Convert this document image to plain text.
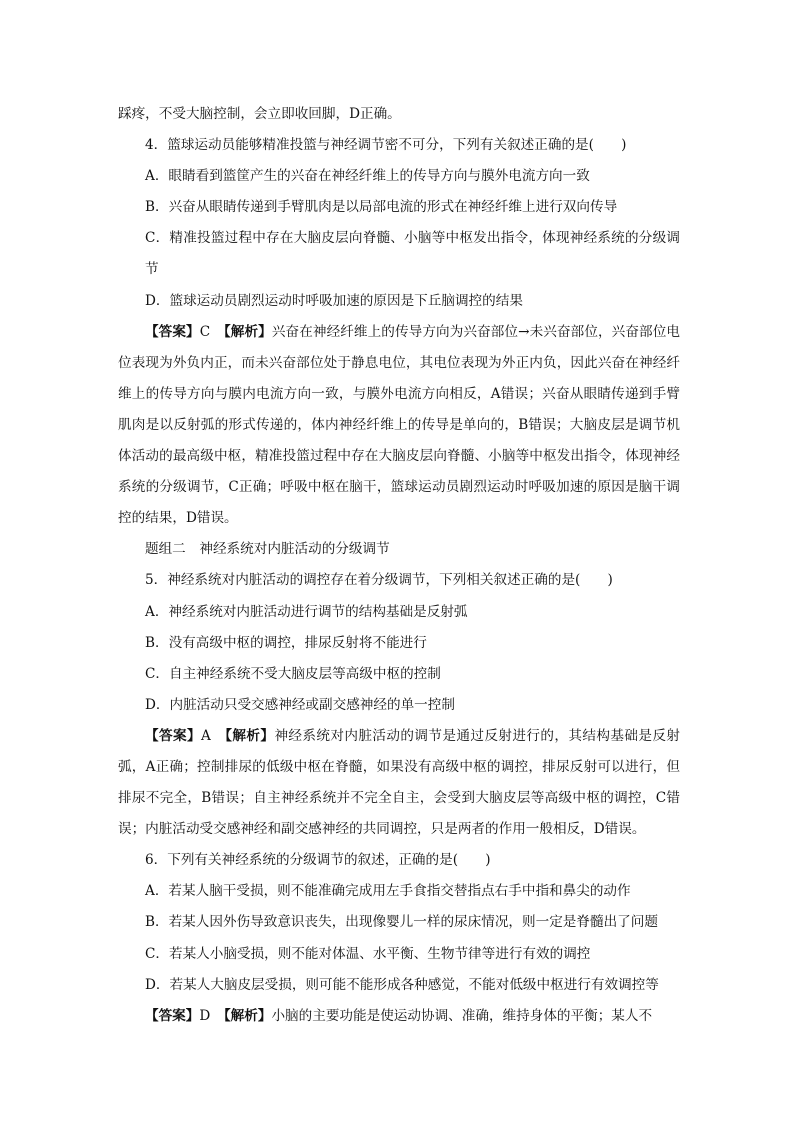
踩疼，不受大脑控制，会立即收回脚，D正确。

4．篮球运动员能够精准投篮与神经调节密不可分，下列有关叙述正确的是(　　)

A．眼睛看到篮筐产生的兴奋在神经纤维上的传导方向与膜外电流方向一致

B．兴奋从眼睛传递到手臂肌肉是以局部电流的形式在神经纤维上进行双向传导

C．精准投篮过程中存在大脑皮层向脊髓、小脑等中枢发出指令，体现神经系统的分级调节

D．篮球运动员剧烈运动时呼吸加速的原因是下丘脑调控的结果

【答案】C　【解析】兴奋在神经纤维上的传导方向为兴奋部位→未兴奋部位，兴奋部位电位表现为外负内正，而未兴奋部位处于静息电位，其电位表现为外正内负，因此兴奋在神经纤维上的传导方向与膜内电流方向一致，与膜外电流方向相反，A错误；兴奋从眼睛传递到手臂肌肉是以反射弧的形式传递的，体内神经纤维上的传导是单向的，B错误；大脑皮层是调节机体活动的最高级中枢，精准投篮过程中存在大脑皮层向脊髓、小脑等中枢发出指令，体现神经系统的分级调节，C正确；呼吸中枢在脑干，篮球运动员剧烈运动时呼吸加速的原因是脑干调控的结果，D错误。

题组二　神经系统对内脏活动的分级调节

5．神经系统对内脏活动的调控存在着分级调节，下列相关叙述正确的是(　　)

A．神经系统对内脏活动进行调节的结构基础是反射弧

B．没有高级中枢的调控，排尿反射将不能进行

C．自主神经系统不受大脑皮层等高级中枢的控制

D．内脏活动只受交感神经或副交感神经的单一控制

【答案】A　【解析】神经系统对内脏活动的调节是通过反射进行的，其结构基础是反射弧，A正确；控制排尿的低级中枢在脊髓，如果没有高级中枢的调控，排尿反射可以进行，但排尿不完全，B错误；自主神经系统并不完全自主，会受到大脑皮层等高级中枢的调控，C错误；内脏活动受交感神经和副交感神经的共同调控，只是两者的作用一般相反，D错误。

6．下列有关神经系统的分级调节的叙述，正确的是(　　)

A．若某人脑干受损，则不能准确完成用左手食指交替指点右手中指和鼻尖的动作

B．若某人因外伤导致意识丧失，出现像婴儿一样的尿床情况，则一定是脊髓出了问题

C．若某人小脑受损，则不能对体温、水平衡、生物节律等进行有效的调控

D．若某人大脑皮层受损，则可能不能形成各种感觉，不能对低级中枢进行有效调控等

【答案】D　【解析】小脑的主要功能是使运动协调、准确，维持身体的平衡；某人不
